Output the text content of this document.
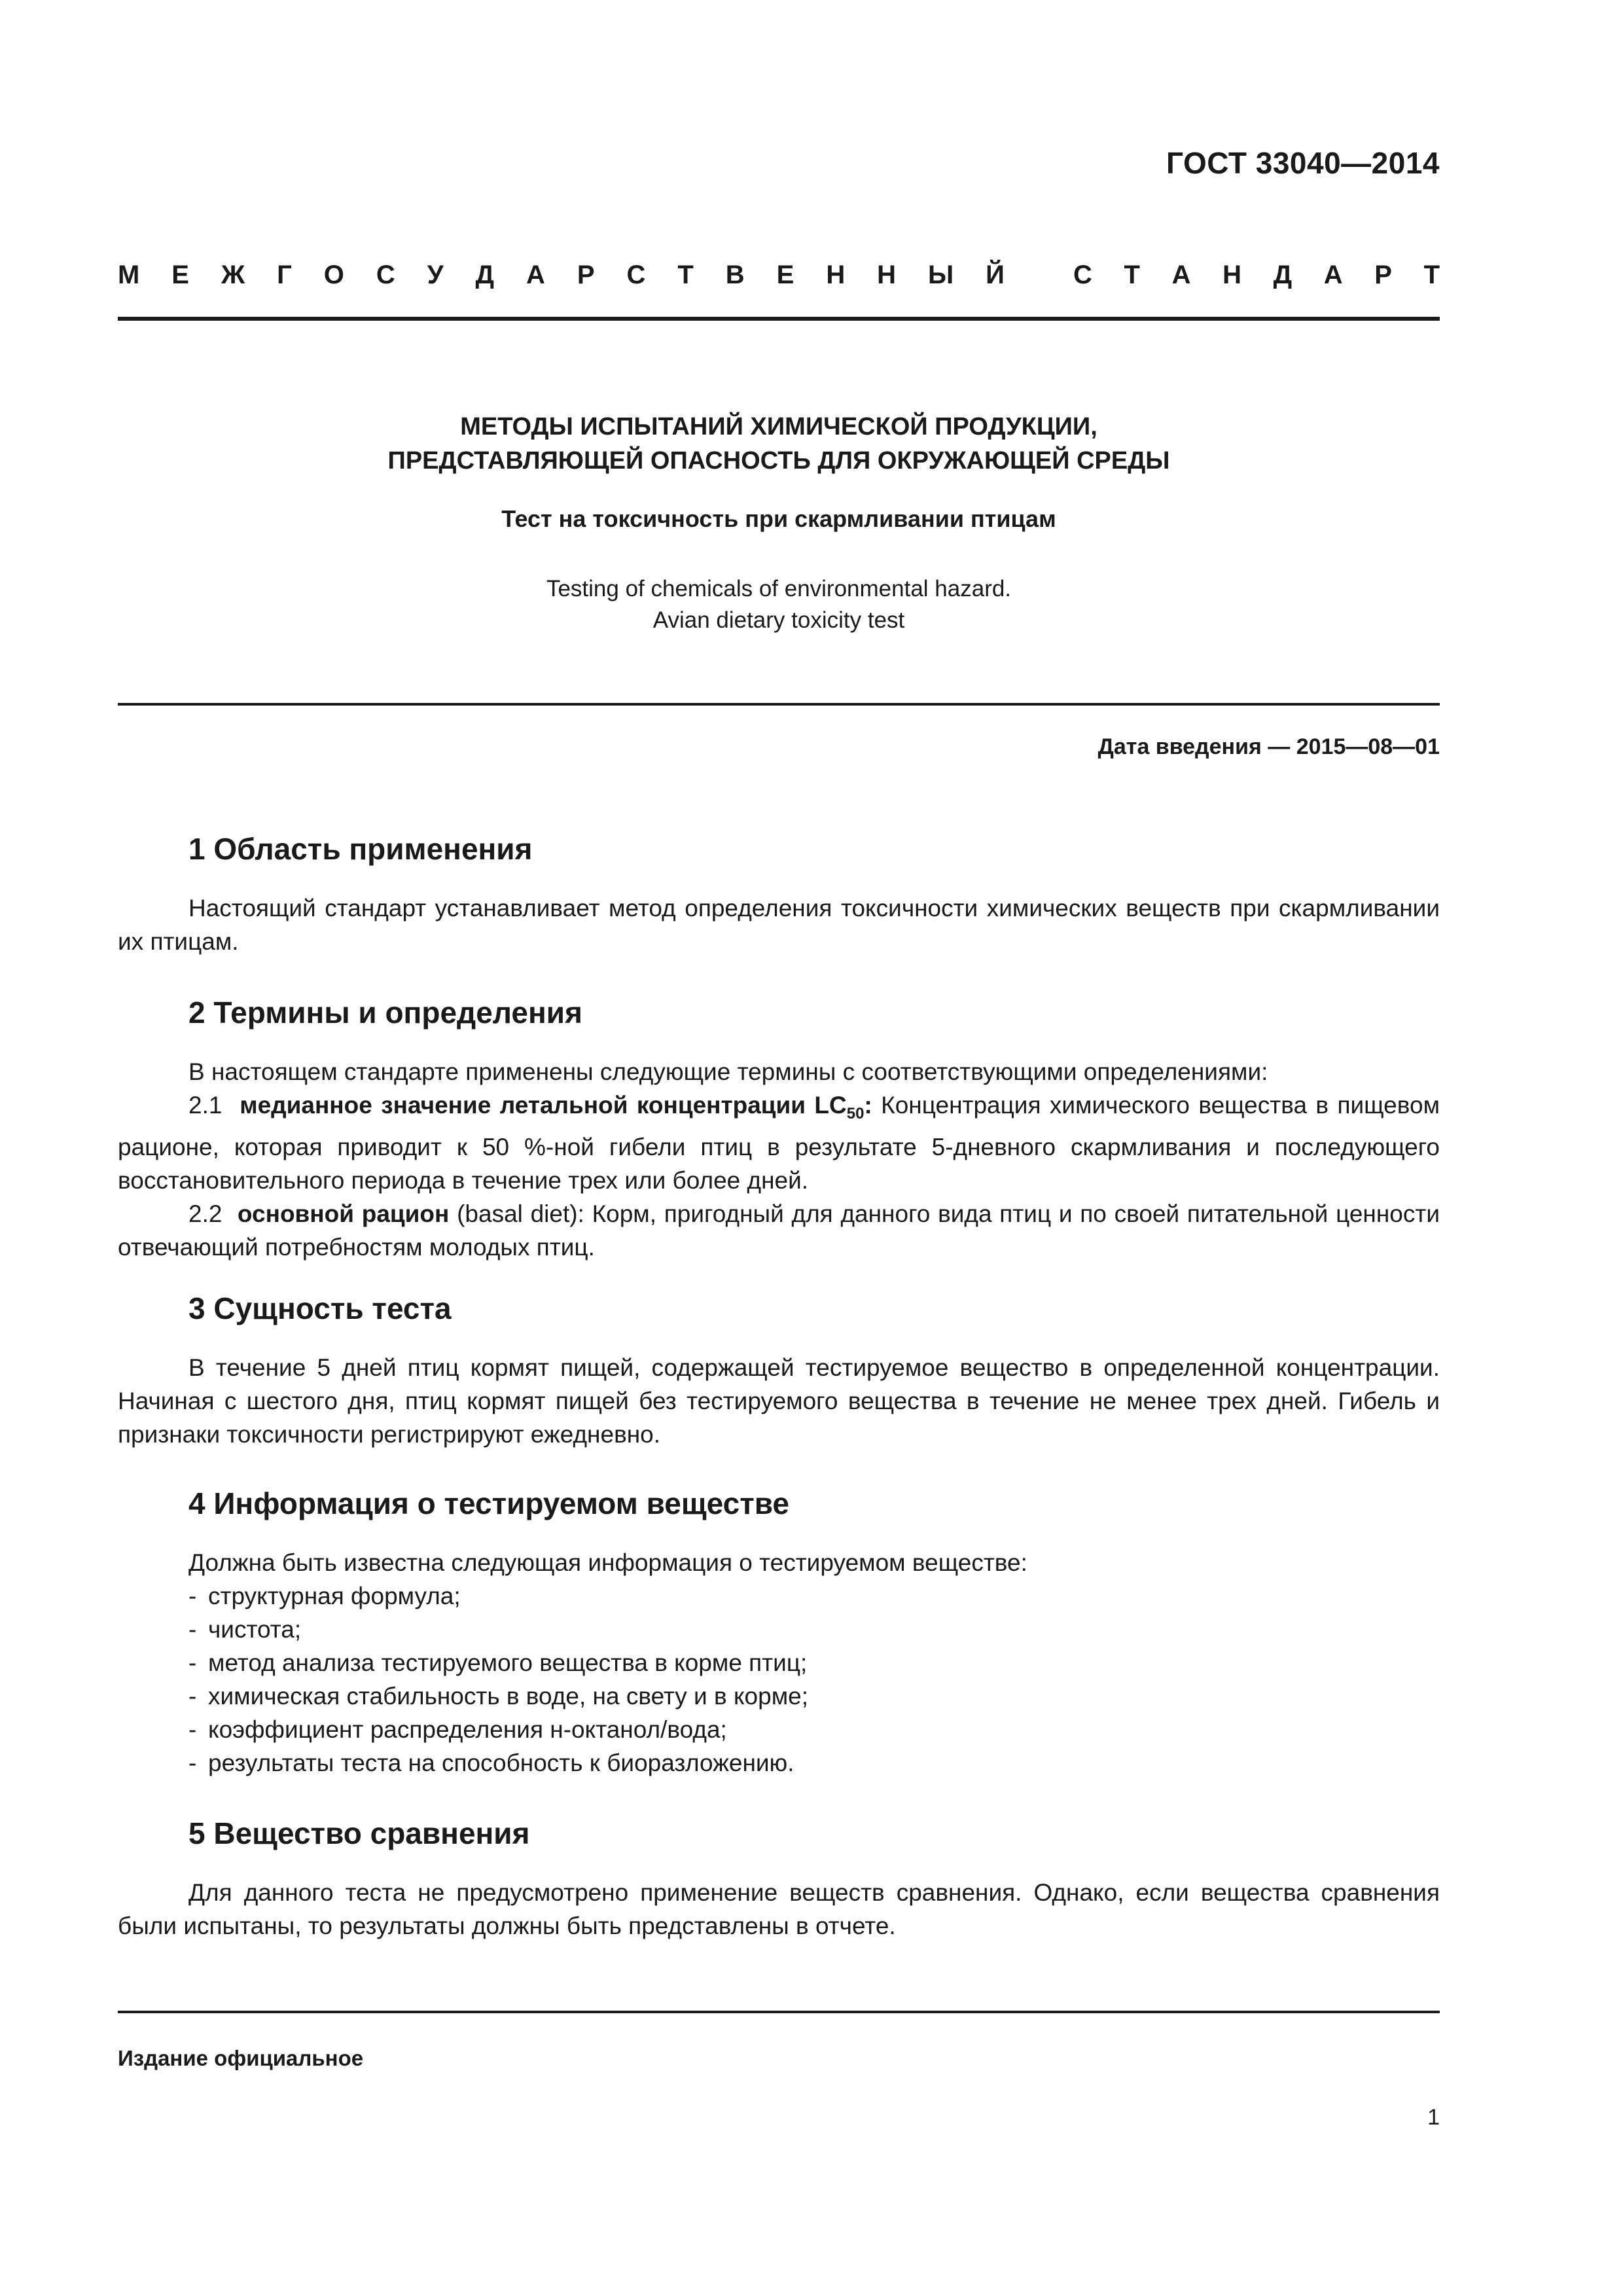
ГОСТ 33040—2014
М Е Ж Г О С У Д А Р С Т В Е Н Н Ы Й	С Т А Н Д А Р Т
МЕТОДЫ ИСПЫТАНИЙ ХИМИЧЕСКОЙ ПРОДУКЦИИ,
ПРЕДСТАВЛЯЮЩЕЙ ОПАСНОСТЬ ДЛЯ ОКРУЖАЮЩЕЙ СРЕДЫ
Тест на токсичность при скармливании птицам
Testing of chemicals of environmental hazard.
Avian dietary toxicity test
Дата введения — 2015—08—01
1 Область применения

Настоящий стандарт устанавливает метод определения токсичности химических веществ при скармливании их птицам.

2 Термины и определения

В настоящем стандарте применены следующие термины с соответствующими определениями:

2.1 медианное значение летальной концентрации $LC_{50}$: Концентрация химического вещества в пищевом рационе, которая приводит к 50 %-ной гибели птиц в результате 5-дневного скармливания и последующего восстановительного периода в течение трех или более дней.

2.2 основной рацион (basal diet): Корм, пригодный для данного вида птиц и по своей питательной ценности отвечающий потребностям молодых птиц.

3 Сущность теста

В течение 5 дней птиц кормят пищей, содержащей тестируемое вещество в определенной концентрации. Начиная с шестого дня, птиц кормят пищей без тестируемого вещества в течение не менее трех дней. Гибель и признаки токсичности регистрируют ежедневно.

4 Информация о тестируемом веществе
Должна быть известна следующая информация о тестируемом веществе:
- структурная формула;
- чистота;
- метод анализа тестируемого вещества в корме птиц;
- химическая стабильность в воде, на свету и в корме;
- коэффициент распределения н-октанол/вода;
- результаты теста на способность к биоразложению.
5 Вещество сравнения

Для данного теста не предусмотрено применение веществ сравнения. Однако, если вещества сравнения были испытаны, то результаты должны быть представлены в отчете.

Издание официальное
1
